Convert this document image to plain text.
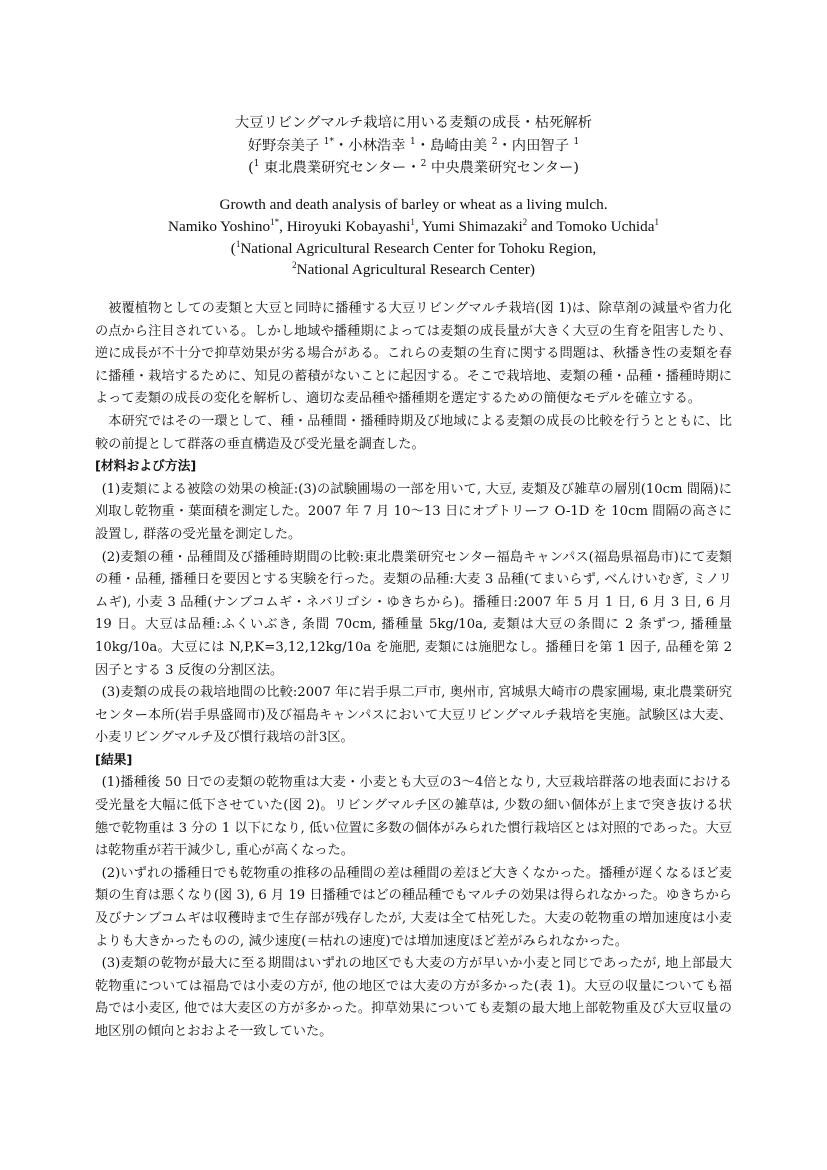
大豆リビングマルチ栽培に用いる麦類の成長・枯死解析
好野奈美子 $^{1*}$・小林浩幸 $^1$・島崎由美 $^2$・内田智子 $^1$
($^1$ 東北農業研究センター・$^2$ 中央農業研究センター)
Growth and death analysis of barley or wheat as a living mulch.
Namiko Yoshino$^{1*}$, Hiroyuki Kobayashi$^1$, Yumi Shimazaki$^2$ and Tomoko Uchida$^1$
($^1$National Agricultural Research Center for Tohoku Region,
$^2$National Agricultural Research Center)

被覆植物としての麦類と大豆と同時に播種する大豆リビングマルチ栽培(図 1)は、除草剤の減量や省力化の点から注目されている。しかし地域や播種期によっては麦類の成長量が大きく大豆の生育を阻害したり、逆に成長が不十分で抑草効果が劣る場合がある。これらの麦類の生育に関する問題は、秋播き性の麦類を春に播種・栽培するために、知見の蓄積がないことに起因する。そこで栽培地、麦類の種・品種・播種時期によって麦類の成長の変化を解析し、適切な麦品種や播種期を選定するための簡便なモデルを確立する。

本研究ではその一環として、種・品種間・播種時期及び地域による麦類の成長の比較を行うとともに、比較の前提として群落の垂直構造及び受光量を調査した。

[材料および方法]

(1)麦類による被陰の効果の検証:(3)の試験圃場の一部を用いて, 大豆, 麦類及び雑草の層別(10cm 間隔)に刈取し乾物重・葉面積を測定した。2007 年 7 月 10～13 日にオプトリーフ O-1D を 10cm 間隔の高さに設置し, 群落の受光量を測定した。

(2)麦類の種・品種間及び播種時期間の比較:東北農業研究センター福島キャンパス(福島県福島市)にて麦類の種・品種, 播種日を要因とする実験を行った。麦類の品種:大麦 3 品種(てまいらず, べんけいむぎ, ミノリムギ), 小麦 3 品種(ナンブコムギ・ネバリゴシ・ゆきちから)。播種日:2007 年 5 月 1 日, 6 月 3 日, 6 月 19 日。大豆は品種:ふくいぶき, 条間 70cm, 播種量 5kg/10a, 麦類は大豆の条間に 2 条ずつ, 播種量 10kg/10a。大豆には N,P,K=3,12,12kg/10a を施肥, 麦類には施肥なし。播種日を第 1 因子, 品種を第 2 因子とする 3 反復の分割区法。

(3)麦類の成長の栽培地間の比較:2007 年に岩手県二戸市, 奥州市, 宮城県大崎市の農家圃場, 東北農業研究センター本所(岩手県盛岡市)及び福島キャンパスにおいて大豆リビングマルチ栽培を実施。試験区は大麦、小麦リビングマルチ及び慣行栽培の計3区。

[結果]

(1)播種後 50 日での麦類の乾物重は大麦・小麦とも大豆の3～4倍となり, 大豆栽培群落の地表面における受光量を大幅に低下させていた(図 2)。リビングマルチ区の雑草は, 少数の細い個体が上まで突き抜ける状態で乾物重は 3 分の 1 以下になり, 低い位置に多数の個体がみられた慣行栽培区とは対照的であった。大豆は乾物重が若干減少し, 重心が高くなった。

(2)いずれの播種日でも乾物重の推移の品種間の差は種間の差ほど大きくなかった。播種が遅くなるほど麦類の生育は悪くなり(図 3), 6 月 19 日播種ではどの種品種でもマルチの効果は得られなかった。ゆきちから及びナンブコムギは収穫時まで生存部が残存したが, 大麦は全て枯死した。大麦の乾物重の増加速度は小麦よりも大きかったものの, 減少速度(＝枯れの速度)では増加速度ほど差がみられなかった。

(3)麦類の乾物が最大に至る期間はいずれの地区でも大麦の方が早いか小麦と同じであったが, 地上部最大乾物重については福島では小麦の方が, 他の地区では大麦の方が多かった(表 1)。大豆の収量についても福島では小麦区, 他では大麦区の方が多かった。抑草効果についても麦類の最大地上部乾物重及び大豆収量の地区別の傾向とおおよそ一致していた。
